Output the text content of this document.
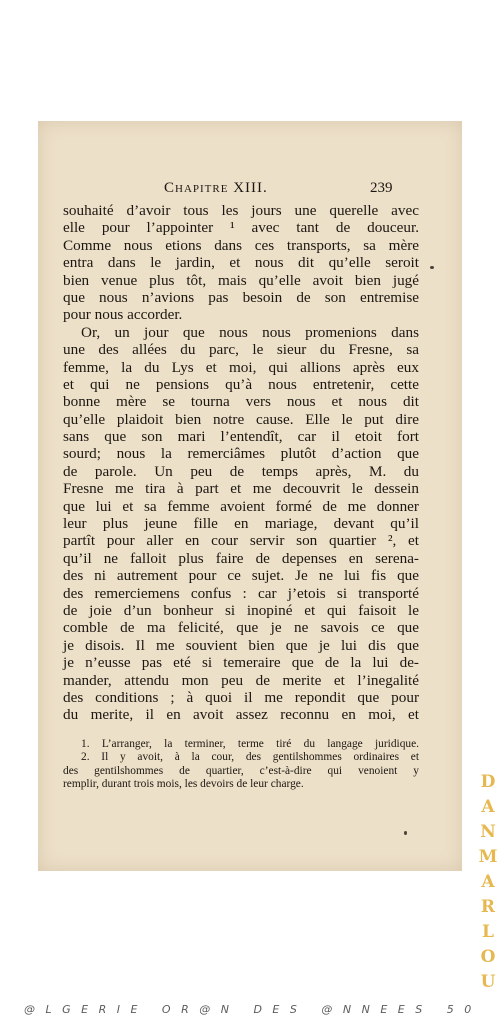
Chapitre XIII.	239
souhaité d’avoir tous les jours une querelle avec
elle pour l’appointer ¹ avec tant de douceur.
Comme nous etions dans ces transports, sa mère
entra dans le jardin, et nous dit qu’elle seroit
bien venue plus tôt, mais qu’elle avoit bien jugé
que nous n’avions pas besoin de son entremise
pour nous accorder.
Or, un jour que nous nous promenions dans
une des allées du parc, le sieur du Fresne, sa
femme, la du Lys et moi, qui allions après eux
et qui ne pensions qu’à nous entretenir, cette
bonne mère se tourna vers nous et nous dit
qu’elle plaidoit bien notre cause. Elle le put dire
sans que son mari l’entendît, car il etoit fort
sourd; nous la remerciâmes plutôt d’action que
de parole. Un peu de temps après, M. du
Fresne me tira à part et me decouvrit le dessein
que lui et sa femme avoient formé de me donner
leur plus jeune fille en mariage, devant qu’il
partît pour aller en cour servir son quartier ², et
qu’il ne falloit plus faire de depenses en serena-
des ni autrement pour ce sujet. Je ne lui fis que
des remerciemens confus : car j’etois si transporté
de joie d’un bonheur si inopiné et qui faisoit le
comble de ma felicité, que je ne savois ce que
je disois. Il me souvient bien que je lui dis que
je n’eusse pas eté si temeraire que de la lui de-
mander, attendu mon peu de merite et l’inegalité
des conditions ; à quoi il me repondit que pour
du merite, il en avoit assez reconnu en moi, et
1. L’arranger, la terminer, terme tiré du langage juridique.
2. Il y avoit, à la cour, des gentilshommes ordinaires et
des gentilshommes de quartier, c’est-à-dire qui venoient y
remplir, durant trois mois, les devoirs de leur charge.	D
A
N
M
A
R
L
O
U
@LGERIE OR@N DES @NNEES 50
